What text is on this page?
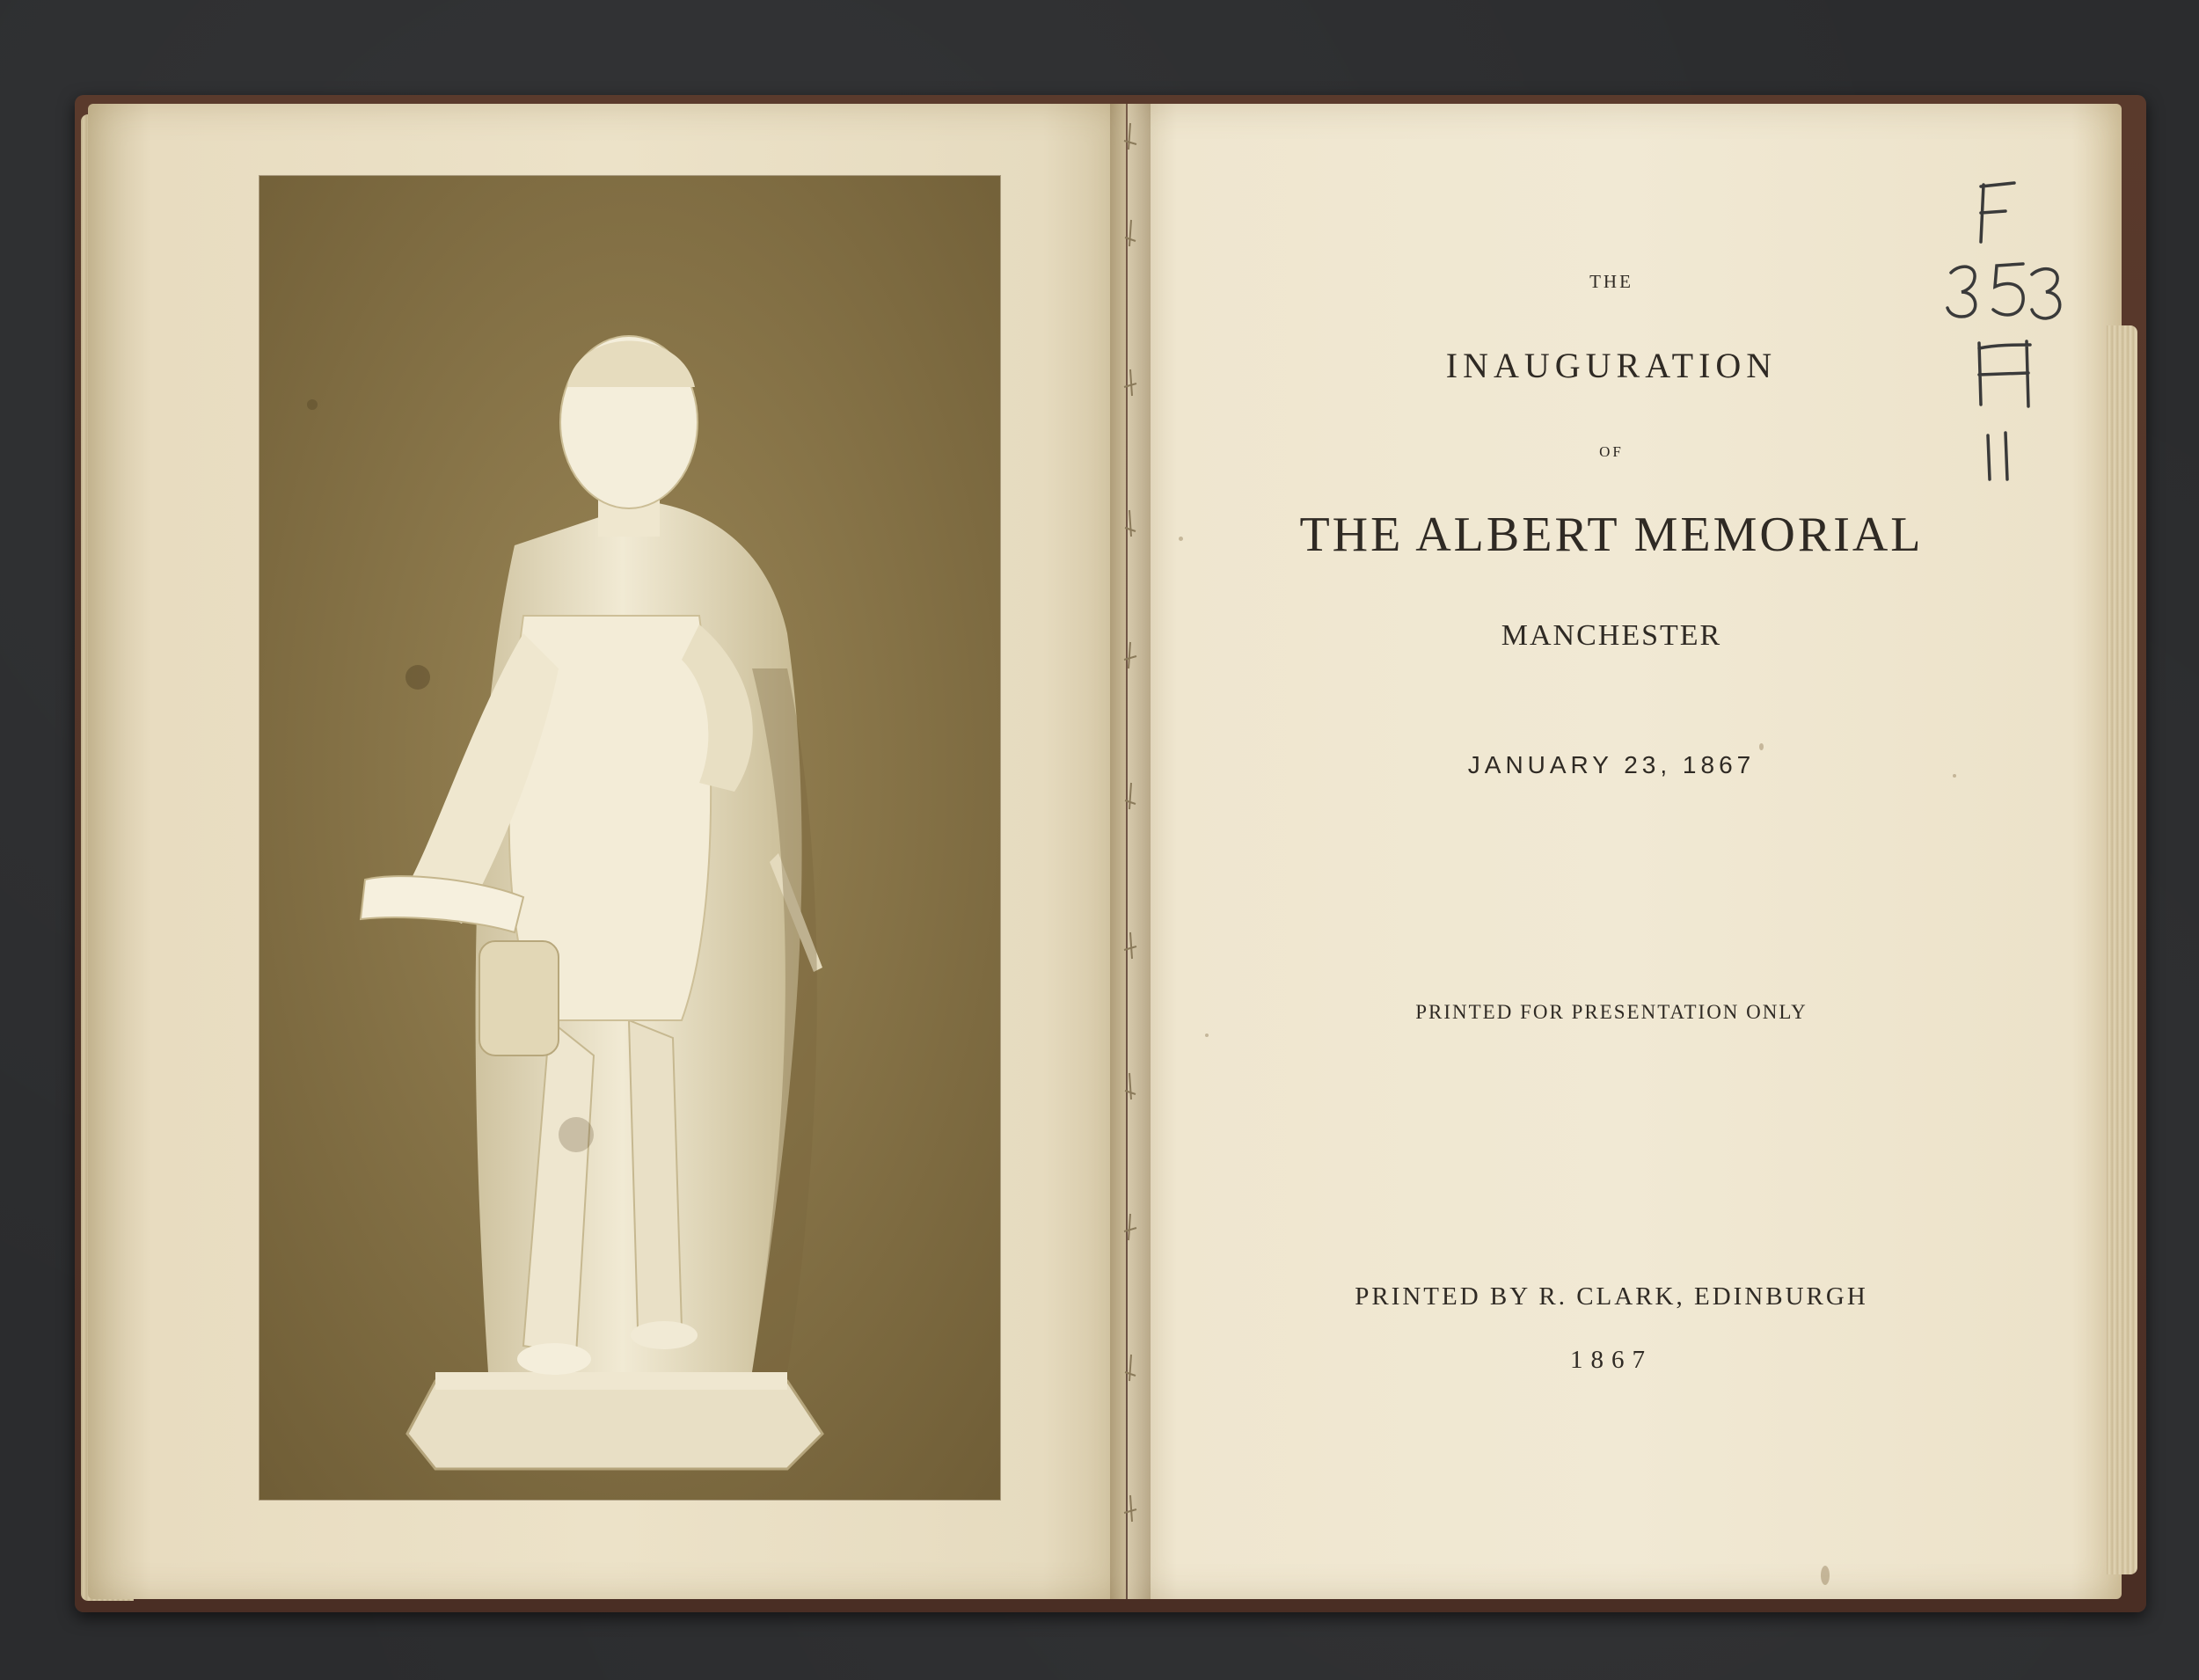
THE
INAUGURATION
OF
THE ALBERT MEMORIAL
MANCHESTER
JANUARY 23, 1867
PRINTED FOR PRESENTATION ONLY
PRINTED BY R. CLARK, EDINBURGH
1867
